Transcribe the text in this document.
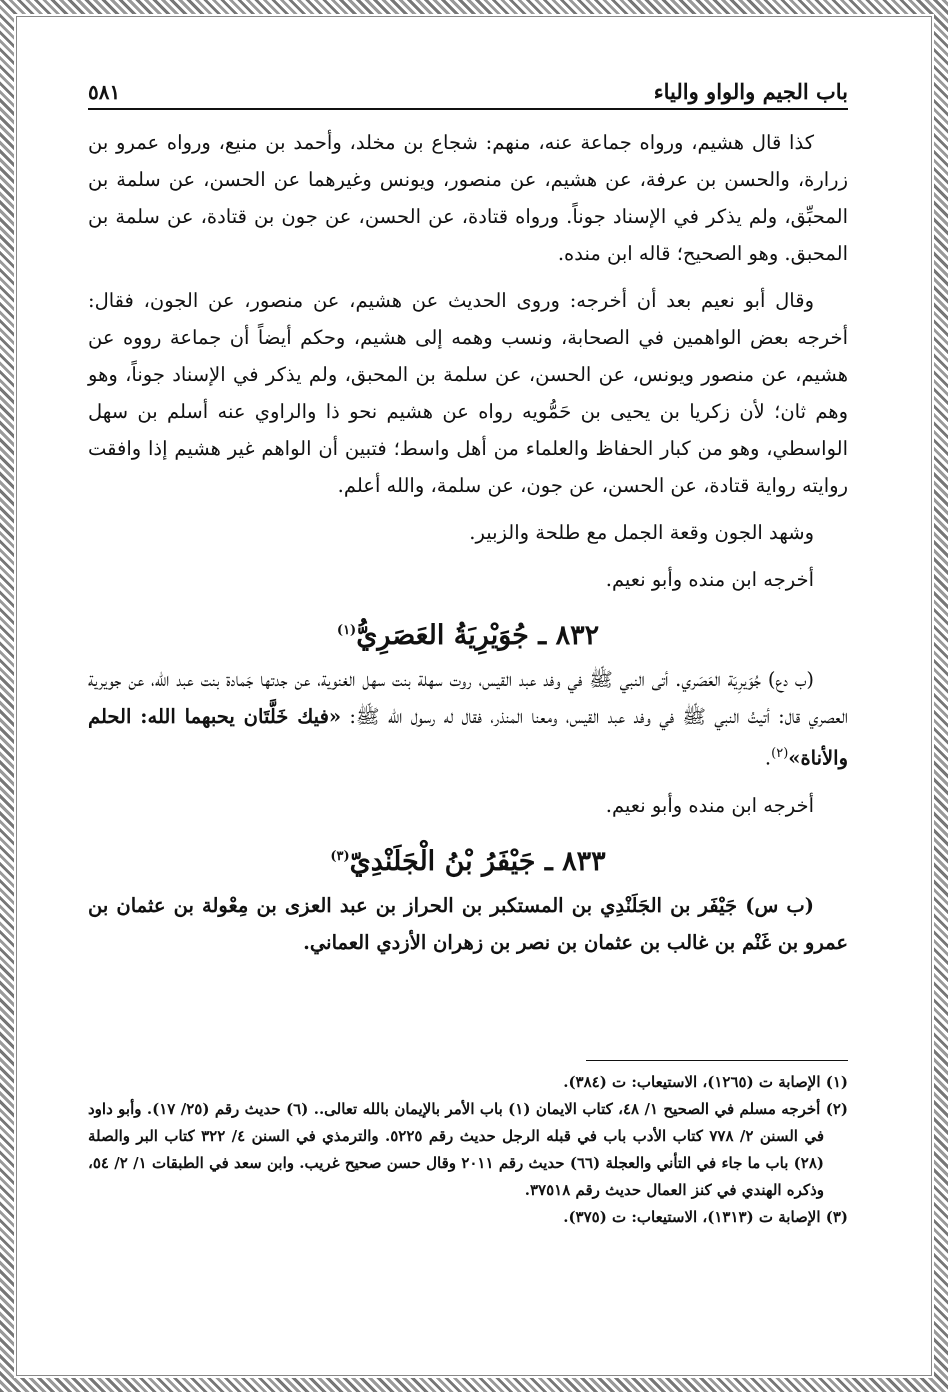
باب الجيم والواو والياء
٥٨١

كذا قال هشيم، ورواه جماعة عنه، منهم: شجاع بن مخلد، وأحمد بن منيع، ورواه عمرو بن زرارة، والحسن بن عرفة، عن هشيم، عن منصور، ويونس وغيرهما عن الحسن، عن سلمة بن المحبِّق، ولم يذكر في الإسناد جوناً. ورواه قتادة، عن الحسن، عن جون بن قتادة، عن سلمة بن المحبق. وهو الصحيح؛ قاله ابن منده.

وقال أبو نعيم بعد أن أخرجه: وروى الحديث عن هشيم، عن منصور، عن الجون، فقال: أخرجه بعض الواهمين في الصحابة، ونسب وهمه إلى هشيم، وحكم أيضاً أن جماعة رووه عن هشيم، عن منصور ويونس، عن الحسن، عن سلمة بن المحبق، ولم يذكر في الإسناد جوناً، وهو وهم ثان؛ لأن زكريا بن يحيى بن حَمُّويه رواه عن هشيم نحو ذا والراوي عنه أسلم بن سهل الواسطي، وهو من كبار الحفاظ والعلماء من أهل واسط؛ فتبين أن الواهم غير هشيم إذا وافقت روايته رواية قتادة، عن الحسن، عن جون، عن سلمة، والله أعلم.

وشهد الجون وقعة الجمل مع طلحة والزبير.

أخرجه ابن منده وأبو نعيم.

٨٣٢ ـ جُوَيْرِيَةُ العَصَرِيُّ$^{(١)}$

(ب دع) جُوَيرِيَة العَصَري. أتى النبي ﷺ في وفد عبد القيس، روت سهلة بنت سهل الغنوية، عن جدتها جَمادة بنت عبد الله، عن جويرية العصري قال: أتيتُ النبي ﷺ في وفد عبد القيس، ومعنا المنذر، فقال له رسول الله ﷺ: «فيك خَلَّتَان يحبهما الله: الحلم والأناة»$^{(٢)}$.

أخرجه ابن منده وأبو نعيم.

٨٣٣ ـ جَيْفَرُ بْنُ الْجَلَنْدِيّ$^{(٣)}$

(ب س) جَيْفَر بن الجَلَنْدِي بن المستكبر بن الحراز بن عبد العزى بن مِعْولة بن عثمان بن عمرو بن غَنْم بن غالب بن عثمان بن نصر بن زهران الأزدي العماني.

(١) الإصابة ت (١٢٦٥)، الاستيعاب: ت (٣٨٤).
(٢) أخرجه مسلم في الصحيح ١/ ٤٨، كتاب الايمان (١) باب الأمر بالإيمان بالله تعالى.. (٦) حديث رقم (٢٥/ ١٧). وأبو داود في السنن ٢/ ٧٧٨ كتاب الأدب باب في قبله الرجل حديث رقم ٥٢٢٥. والترمذي في السنن ٤/ ٣٢٢ كتاب البر والصلة (٢٨) باب ما جاء في التأني والعجلة (٦٦) حديث رقم ٢٠١١ وقال حسن صحيح غريب. وابن سعد في الطبقات ١/ ٢/ ٥٤، وذكره الهندي في كنز العمال حديث رقم ٣٧٥١٨.
(٣) الإصابة ت (١٣١٣)، الاستيعاب: ت (٣٧٥).
